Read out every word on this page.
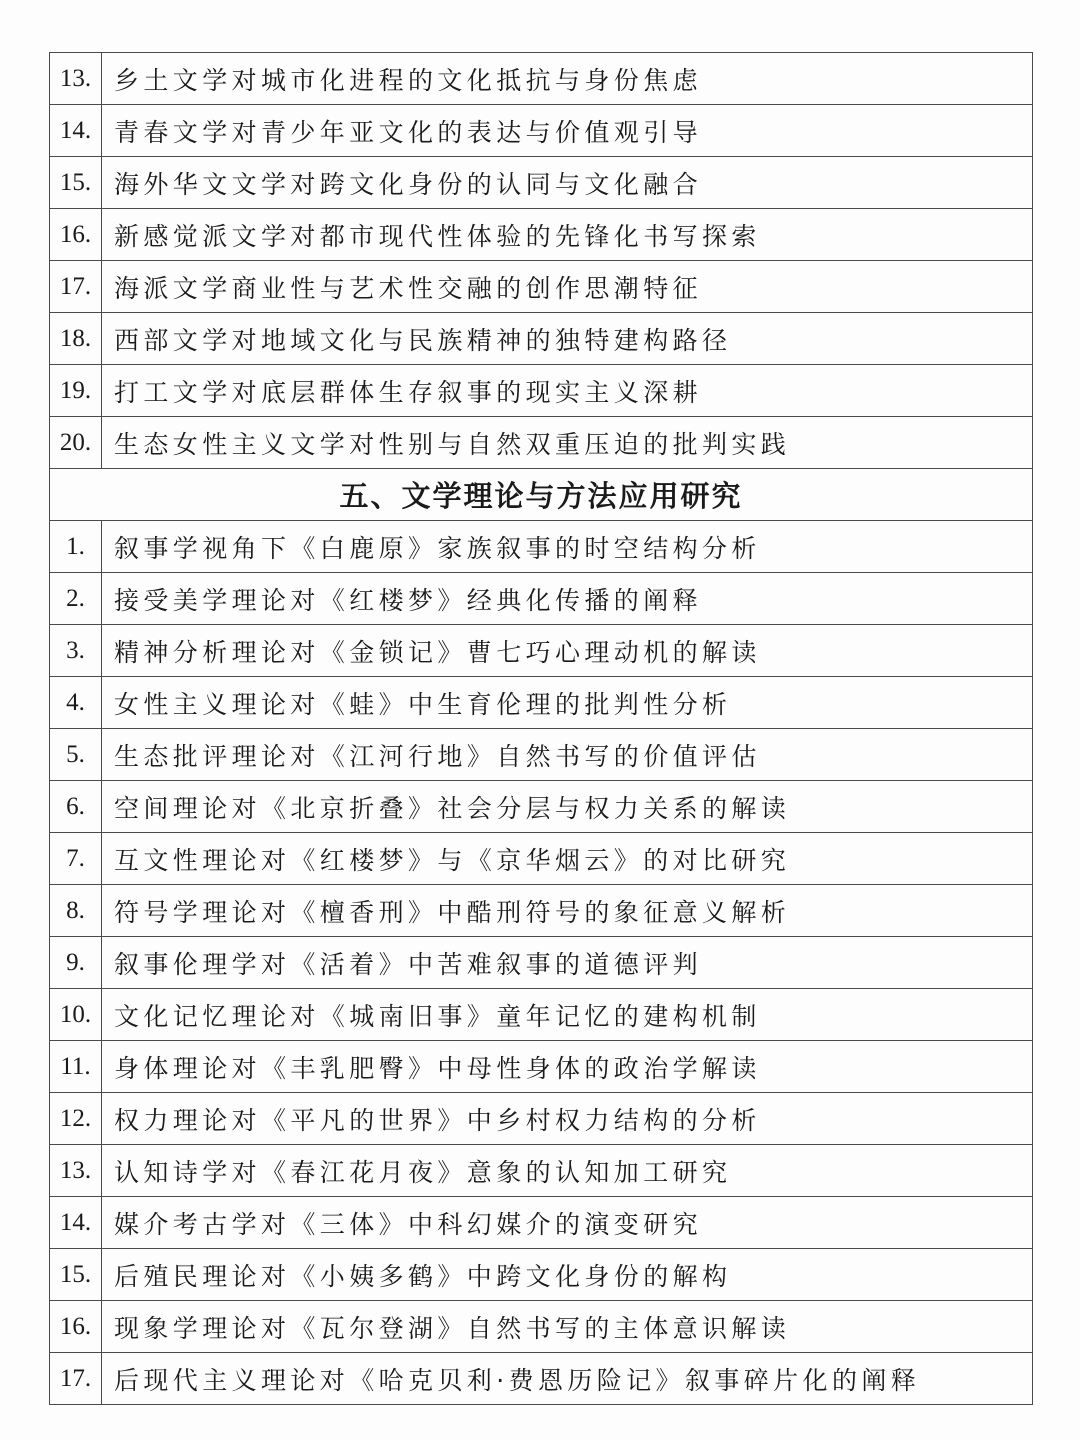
13.	乡土文学对城市化进程的文化抵抗与身份焦虑
14.	青春文学对青少年亚文化的表达与价值观引导
15.	海外华文文学对跨文化身份的认同与文化融合
16.	新感觉派文学对都市现代性体验的先锋化书写探索
17.	海派文学商业性与艺术性交融的创作思潮特征
18.	西部文学对地域文化与民族精神的独特建构路径
19.	打工文学对底层群体生存叙事的现实主义深耕
20.	生态女性主义文学对性别与自然双重压迫的批判实践
五、文学理论与方法应用研究	
1.	叙事学视角下《白鹿原》家族叙事的时空结构分析
2.	接受美学理论对《红楼梦》经典化传播的阐释
3.	精神分析理论对《金锁记》曹七巧心理动机的解读
4.	女性主义理论对《蛙》中生育伦理的批判性分析
5.	生态批评理论对《江河行地》自然书写的价值评估
6.	空间理论对《北京折叠》社会分层与权力关系的解读
7.	互文性理论对《红楼梦》与《京华烟云》的对比研究
8.	符号学理论对《檀香刑》中酷刑符号的象征意义解析
9.	叙事伦理学对《活着》中苦难叙事的道德评判
10.	文化记忆理论对《城南旧事》童年记忆的建构机制
11.	身体理论对《丰乳肥臀》中母性身体的政治学解读
12.	权力理论对《平凡的世界》中乡村权力结构的分析
13.	认知诗学对《春江花月夜》意象的认知加工研究
14.	媒介考古学对《三体》中科幻媒介的演变研究
15.	后殖民理论对《小姨多鹤》中跨文化身份的解构
16.	现象学理论对《瓦尔登湖》自然书写的主体意识解读
17.	后现代主义理论对《哈克贝利·费恩历险记》叙事碎片化的阐释
